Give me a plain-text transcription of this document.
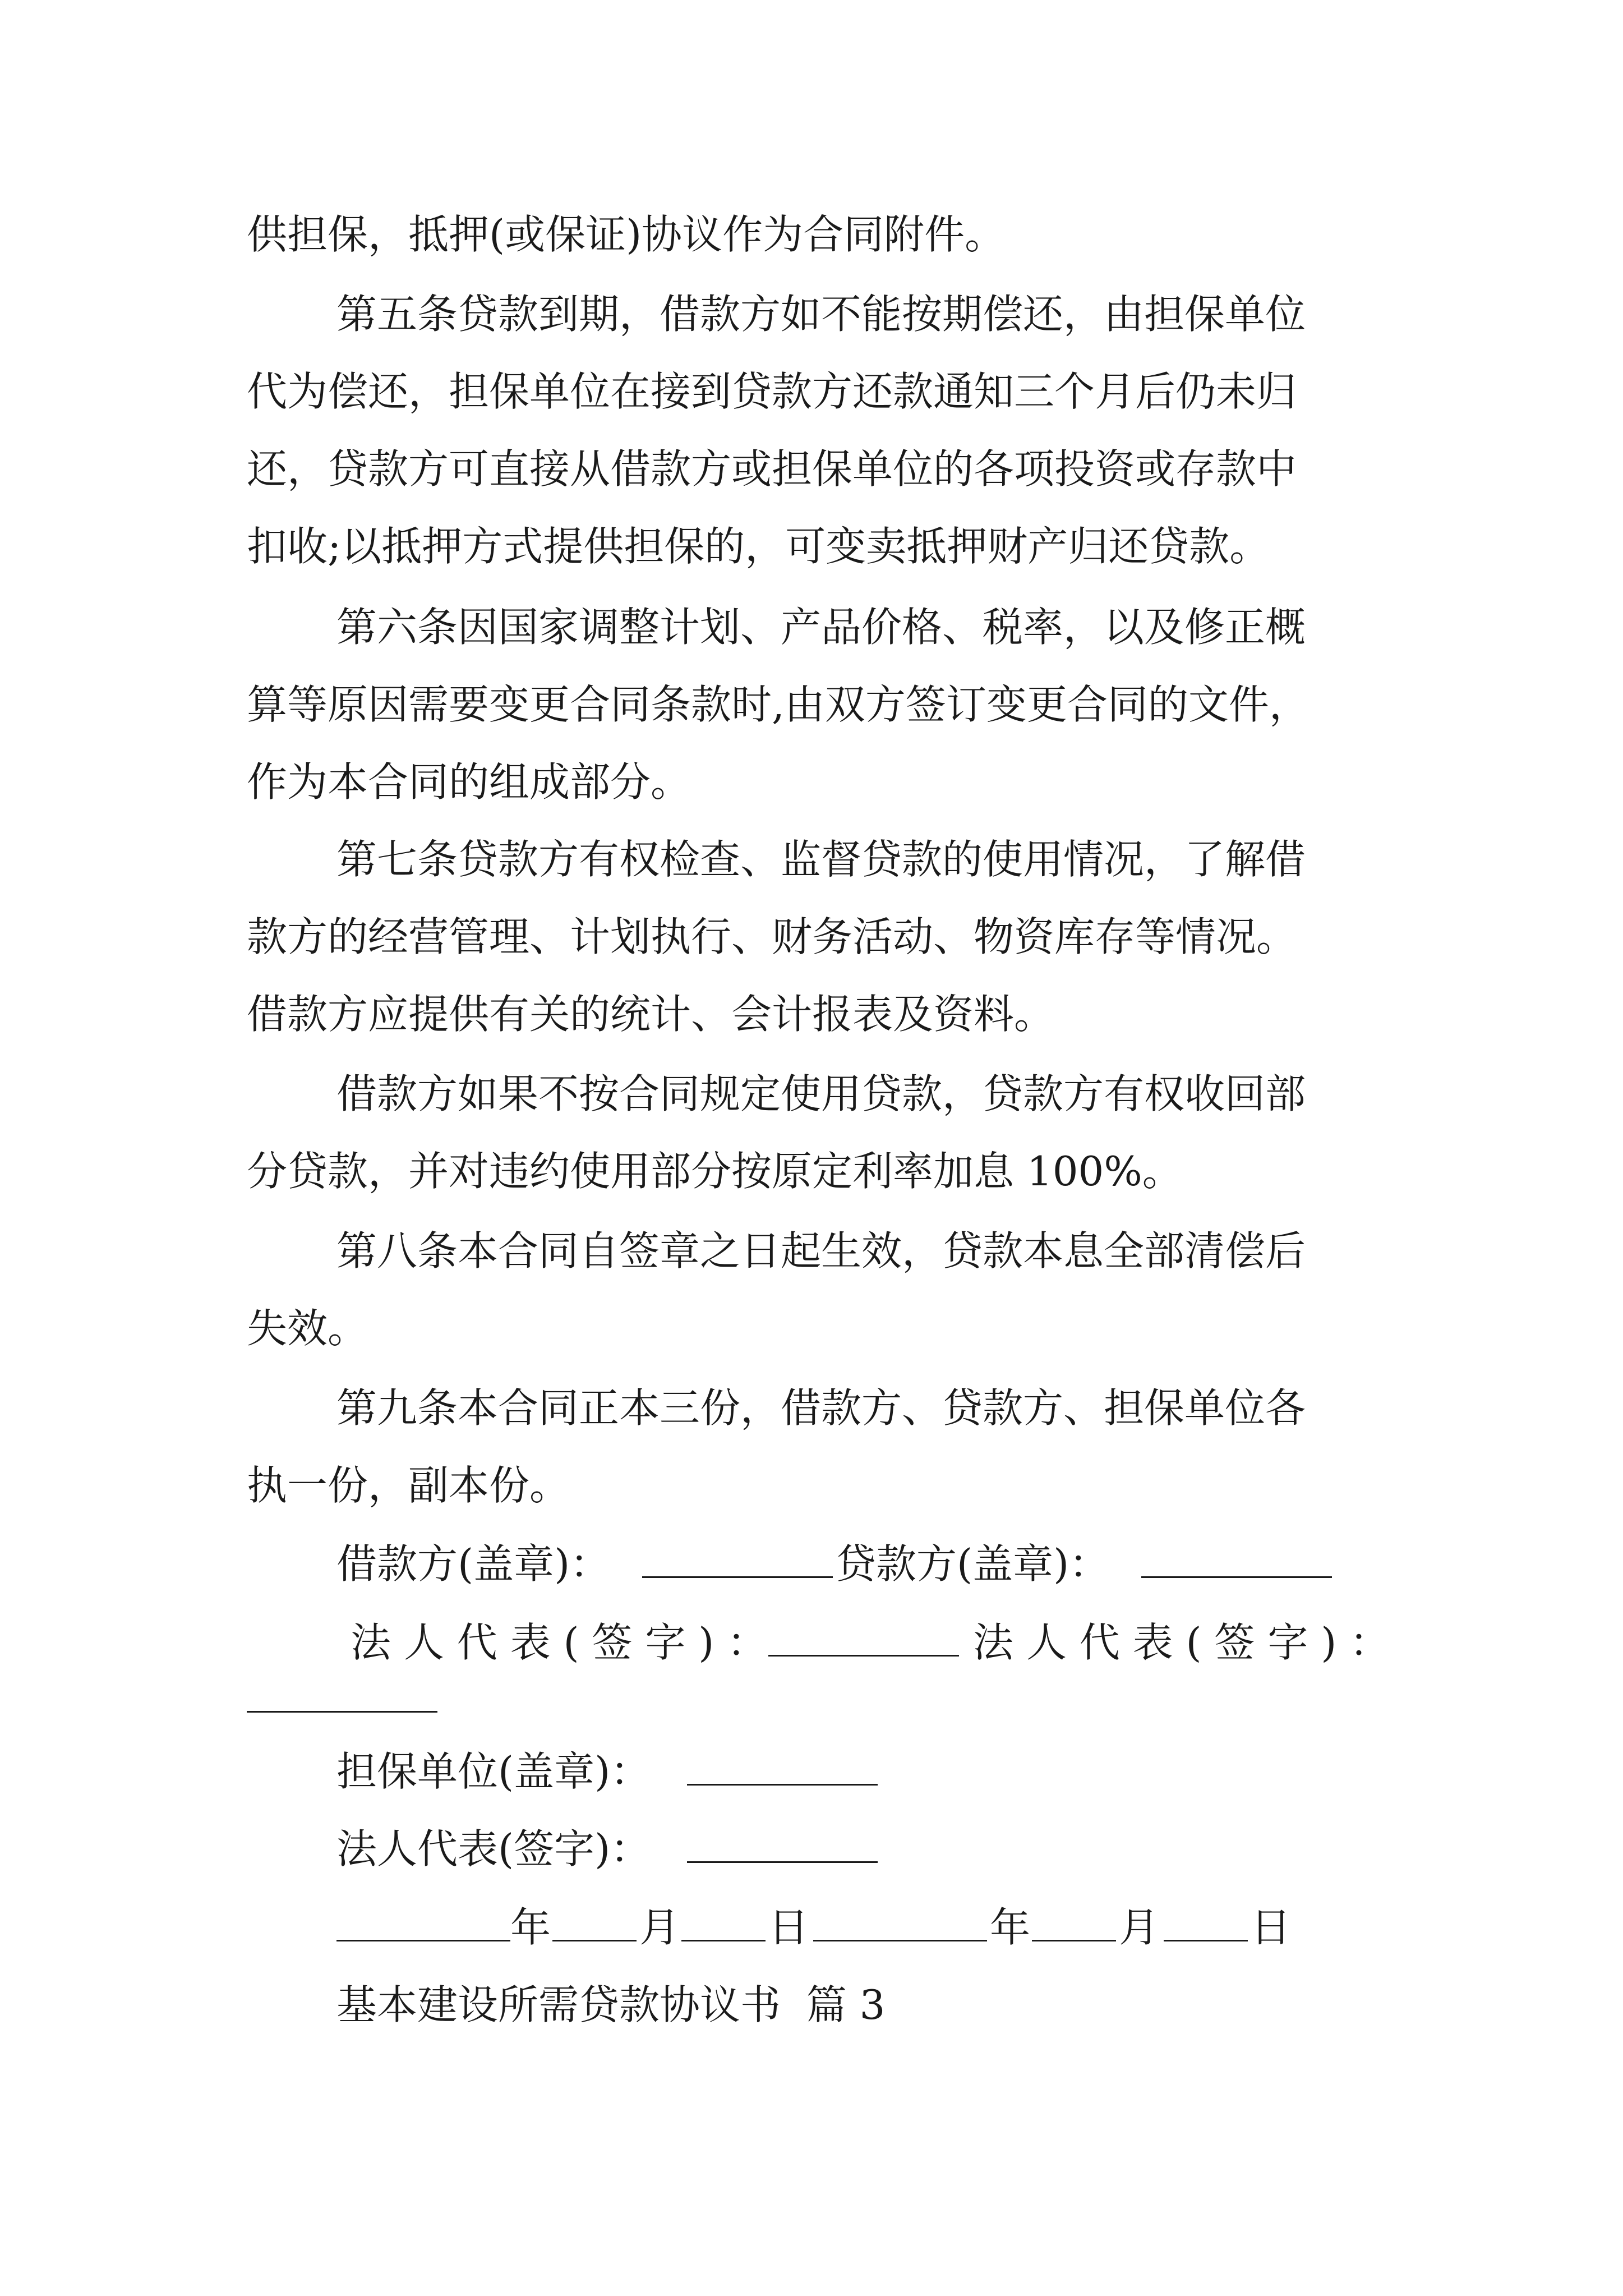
供担保，抵押(或保证)协议作为合同附件。
第五条贷款到期，借款方如不能按期偿还，由担保单位
代为偿还，担保单位在接到贷款方还款通知三个月后仍未归
还，贷款方可直接从借款方或担保单位的各项投资或存款中
扣收;以抵押方式提供担保的，可变卖抵押财产归还贷款。
第六条因国家调整计划、产品价格、税率，以及修正概
算等原因需要变更合同条款时,由双方签订变更合同的文件，
作为本合同的组成部分。
第七条贷款方有权检查、监督贷款的使用情况，了解借
款方的经营管理、计划执行、财务活动、物资库存等情况。
借款方应提供有关的统计、会计报表及资料。
借款方如果不按合同规定使用贷款，贷款方有权收回部
分贷款，并对违约使用部分按原定利率加息 100%。
第八条本合同自签章之日起生效，贷款本息全部清偿后
失效。
第九条本合同正本三份，借款方、贷款方、担保单位各
执一份，副本份。
借款方(盖章)：	贷款方(盖章)：
法 人 代 表 ( 签 字 ) ：	法 人 代 表 ( 签 字 ) ：
担保单位(盖章)：
法人代表(签字)：
年 月 日	年 月 日
基本建设所需贷款协议书  篇 3
